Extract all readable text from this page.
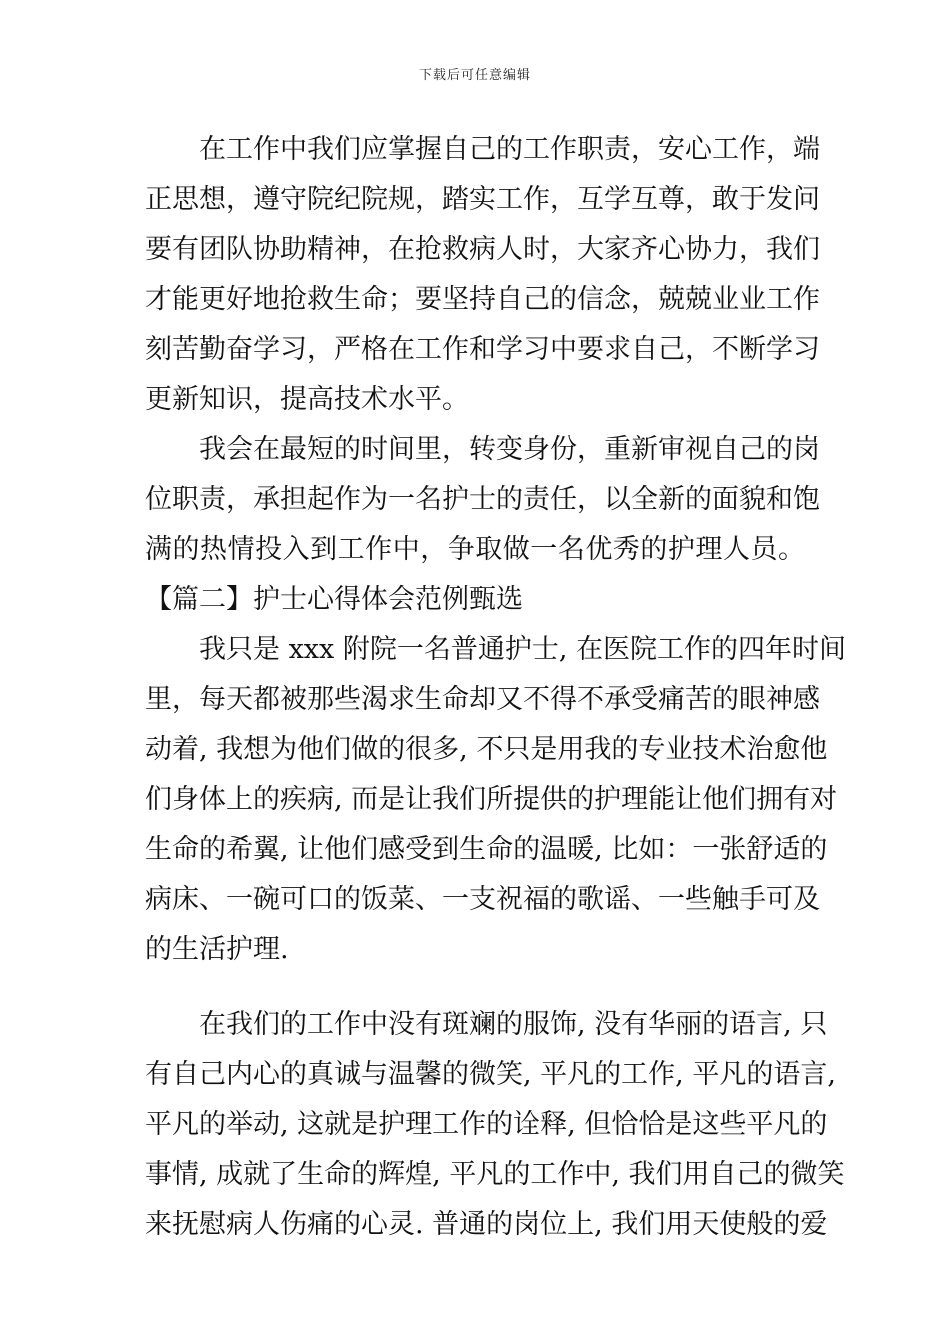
下载后可任意编辑
在工作中我们应掌握自己的工作职责，安心工作，端
正思想，遵守院纪院规，踏实工作，互学互尊，敢于发问
要有团队协助精神，在抢救病人时，大家齐心协力，我们
才能更好地抢救生命；要坚持自己的信念，兢兢业业工作
刻苦勤奋学习，严格在工作和学习中要求自己，不断学习
更新知识，提高技术水平。
我会在最短的时间里，转变身份，重新审视自己的岗
位职责，承担起作为一名护士的责任，以全新的面貌和饱
满的热情投入到工作中，争取做一名优秀的护理人员。
【篇二】护士心得体会范例甄选
我只是 xxx 附院一名普通护士, 在医院工作的四年时间
里，每天都被那些渴求生命却又不得不承受痛苦的眼神感
动着, 我想为他们做的很多, 不只是用我的专业技术治愈他
们身体上的疾病, 而是让我们所提供的护理能让他们拥有对
生命的希翼, 让他们感受到生命的温暖, 比如：一张舒适的
病床、一碗可口的饭菜、一支祝福的歌谣、一些触手可及
的生活护理.
在我们的工作中没有斑斓的服饰, 没有华丽的语言, 只
有自己内心的真诚与温馨的微笑, 平凡的工作, 平凡的语言,
平凡的举动, 这就是护理工作的诠释, 但恰恰是这些平凡的
事情, 成就了生命的辉煌, 平凡的工作中, 我们用自己的微笑
来抚慰病人伤痛的心灵. 普通的岗位上, 我们用天使般的爱
